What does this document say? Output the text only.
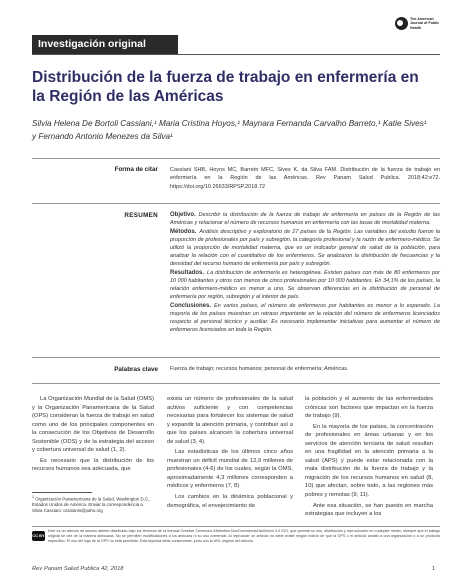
Investigación original
The American Journal of Public Health
Distribución de la fuerza de trabajo en enfermería en la Región de las Américas
Silvia Helena De Bortoli Cassiani,¹ Maria Cristina Hoyos,¹ Maynara Fernanda Carvalho Barreto,¹ Katie Sives¹ y Fernando Antonio Menezes da Silva¹
Forma de citar Cassiani SHB, Hoyos MC, Barreto MFC, Sives K, da Silva FAM. Distribución de la fuerza de trabajo en enfermería en la Región de las Américas. Rev Panam Salud Publica. 2018;42:e72. https://doi.org/10.26633/RPSP.2018.72
RESUMEN Objetivo. Describir la distribución de la fuerza de trabajo de enfermería en países de la Región de las Américas y relacionar el número de recursos humanos en enfermería con las tasas de mortalidad materna.

Métodos. Análisis descriptivo y exploratorio de 27 países de la Región. Las variables del estudio fueron la proporción de profesionales por país y subregión, la categoría profesional y la razón de enfermero-médico. Se utilizó la proporción de mortalidad materna, que es un indicador general de salud de la población, para analizar la relación con el cuantitativo de los enfermeros. Se analizaron la distribución de frecuencias y la densidad del recurso humano de enfermería por país y subregión.

Resultados. La distribución de enfermería es heterogénea. Existen países con más de 80 enfermeros por 10 000 habitantes y otros con menos de cinco profesionales por 10 000 habitantes. En 34,1% de los países, la relación enfermero-médico es menor a uno. Se observan diferencias en la distribución de personal de enfermería por región, subregión y al interior de país.

Conclusiones. En varios países, el número de enfermeros por habitantes es menor a lo esperado. La mayoría de los países muestran un retraso importante en la relación del número de enfermeros licenciados respecto al personal técnico y auxiliar. Es necesario implementar iniciativas para aumentar el número de enfermeros licenciados en toda la Región.

Palabras clave Fuerza de trabajo; recursos humanos; personal de enfermería; Américas.

La Organización Mundial de la Salud (OMS) y la Organización Panamericana de la Salud (OPS) consideran la fuerza de trabajo en salud como uno de los principales componentes en la consecución de los Objetivos de Desarrollo Sostenible (ODS) y de la estrategia del acceso y cobertura universal de salud (1, 2).

Es necesario que la distribución de los recursos humanos sea adecuada, que

exista un número de profesionales de la salud activos suficiente y con competencias necesarias para fortalecer los sistemas de salud y expandir la atención primaria, y contribuir así a que los países alcancen la cobertura universal de salud (3, 4).

Las estadísticas de los últimos cinco años muestran un déficit mundial de 12,9 millones de profesionales (4-6) de los cuales, según la OMS, aproximadamente 4,3 millones corresponden a médicos y enfermeros (7, 8).

Los cambios en la dinámica poblacional y demográfica, el envejecimiento de

la población y el aumento de las enfermedades crónicas son factores que impactan en la fuerza de trabajo (9).

En la mayoría de los países, la concentración de profesionales en áreas urbanas y en los servicios de atención terciaria de salud resultan en una fragilidad en la atención primaria a la salud (APS) y puede estar relacionada con la mala distribución de la fuerza de trabajo y la migración de los recursos humanos en salud (8, 10) que afectan, sobre todo, a las regiones más pobres y remotas (9, 11).

Ante esa situación, se han puesto en marcha estrategias que incluyen a los

$^1$ Organización Panamericana de la Salud, Washington D.C., Estados Unidos de América. Enviar la correspondencia a Silvia Cassiani: cassianis@paho.org
CC BY
Este es un artículo de acceso abierto distribuido bajo los términos de la licencia Creative Commons Attribution-NonCommercial-NoDerivs 3.0 IGO, que permite su uso, distribución y reproducción en cualquier medio, siempre que el trabajo original se cite de la manera adecuada. No se permiten modificaciones a los artículos ni su uso comercial. Al reproducir un artículo no debe existir ningún indicio de que la OPS o el artículo avalan a una organización o a un producto específico. El uso del logo de la OPS no está permitido. Esta leyenda debe conservarse, junto con la URL original del artículo.
Rev Panam Salud Publica 42, 2018	1
